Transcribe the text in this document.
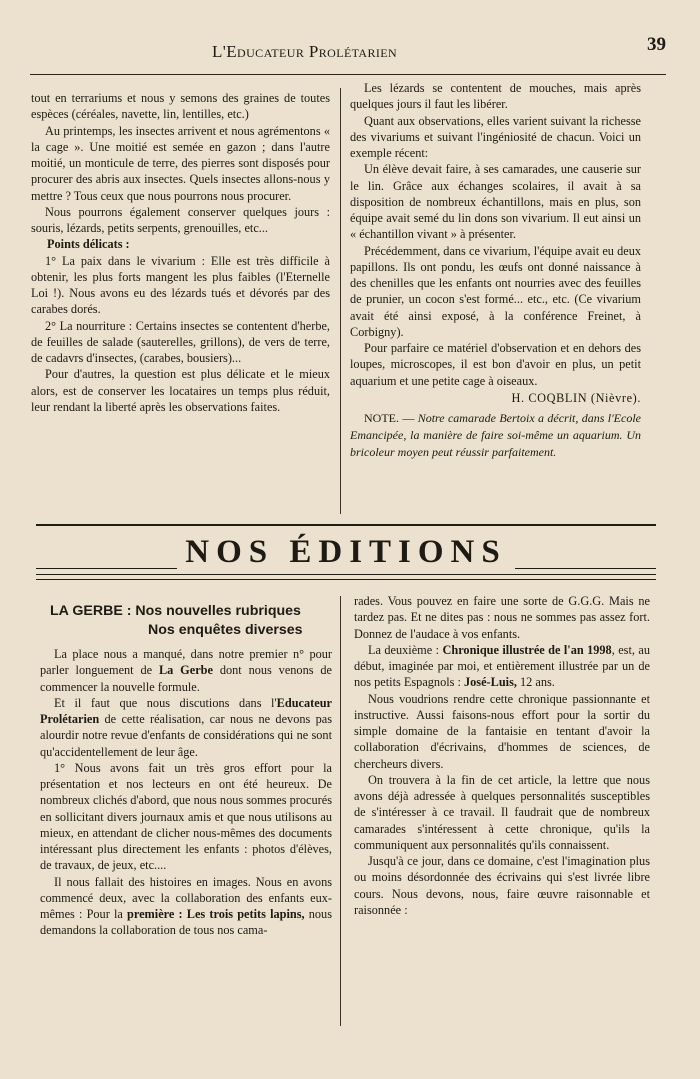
L'Educateur Prolétarien	39

tout en terrariums et nous y semons des graines de toutes espèces (céréales, navette, lin, lentilles, etc.)

Au printemps, les insectes arrivent et nous agrémentons « la cage ». Une moitié est semée en gazon ; dans l'autre moitié, un monticule de terre, des pierres sont disposés pour procurer des abris aux insectes. Quels insectes allons-nous y mettre ? Tous ceux que nous pourrons nous procurer.

Nous pourrons également conserver quelques jours : souris, lézards, petits serpents, grenouilles, etc...

Points délicats :

1° La paix dans le vivarium : Elle est très difficile à obtenir, les plus forts mangent les plus faibles (l'Eternelle Loi !). Nous avons eu des lézards tués et dévorés par des carabes dorés.

2° La nourriture : Certains insectes se contentent d'herbe, de feuilles de salade (sauterelles, grillons), de vers de terre, de cadavrs d'insectes, (carabes, bousiers)...

Pour d'autres, la question est plus délicate et le mieux alors, est de conserver les locataires un temps plus réduit, leur rendant la liberté après les observations faites.

Les lézards se contentent de mouches, mais après quelques jours il faut les libérer.

Quant aux observations, elles varient suivant la richesse des vivariums et suivant l'ingéniosité de chacun. Voici un exemple récent:

Un élève devait faire, à ses camarades, une causerie sur le lin. Grâce aux échanges scolaires, il avait à sa disposition de nombreux échantillons, mais en plus, son équipe avait semé du lin dons son vivarium. Il eut ainsi un « échantillon vivant » à présenter.

Précédemment, dans ce vivarium, l'équipe avait eu deux papillons. Ils ont pondu, les œufs ont donné naissance à des chenilles que les enfants ont nourries avec des feuilles de prunier, un cocon s'est formé... etc., etc. (Ce vivarium avait été ainsi exposé, à la conférence Freinet, à Corbigny).

Pour parfaire ce matériel d'observation et en dehors des loupes, microscopes, il est bon d'avoir en plus, un petit aquarium et une petite cage à oiseaux.

H. COQBLIN (Nièvre).

NOTE. — Notre camarade Bertoix a décrit, dans l'Ecole Emancipée, la manière de faire soi-même un aquarium. Un bricoleur moyen peut réussir parfaitement.

NOS ÉDITIONS

LA GERBE : Nos nouvelles rubriques
Nos enquêtes diverses

La place nous a manqué, dans notre premier n° pour parler longuement de La Gerbe dont nous venons de commencer la nouvelle formule.

Et il faut que nous discutions dans l'Educateur Prolétarien de cette réalisation, car nous ne devons pas alourdir notre revue d'enfants de considérations qui ne sont qu'accidentellement de leur âge.

1° Nous avons fait un très gros effort pour la présentation et nos lecteurs en ont été heureux. De nombreux clichés d'abord, que nous nous sommes procurés en sollicitant divers journaux amis et que nous utilisons au mieux, en attendant de clicher nous-mêmes des documents intéressant plus directement les enfants : photos d'élèves, de travaux, de jeux, etc....

Il nous fallait des histoires en images. Nous en avons commencé deux, avec la collaboration des enfants eux-mêmes : Pour la première : Les trois petits lapins, nous demandons la collaboration de tous nos cama-

rades. Vous pouvez en faire une sorte de G.G.G. Mais ne tardez pas. Et ne dites pas : nous ne sommes pas assez fort. Donnez de l'audace à vos enfants.

La deuxième : Chronique illustrée de l'an 1998, est, au début, imaginée par moi, et entièrement illustrée par un de nos petits Espagnols : José-Luis, 12 ans.

Nous voudrions rendre cette chronique passionnante et instructive. Aussi faisons-nous effort pour la sortir du simple domaine de la fantaisie en tentant d'avoir la collaboration d'écrivains, d'hommes de sciences, de chercheurs divers.

On trouvera à la fin de cet article, la lettre que nous avons déjà adressée à quelques personnalités susceptibles de s'intéresser à ce travail. Il faudrait que de nombreux camarades s'intéressent à cette chronique, qu'ils la communiquent aux personnalités qu'ils connaissent.

Jusqu'à ce jour, dans ce domaine, c'est l'imagination plus ou moins désordonnée des écrivains qui s'est livrée libre cours. Nous devons, nous, faire œuvre raisonnable et raisonnée :
